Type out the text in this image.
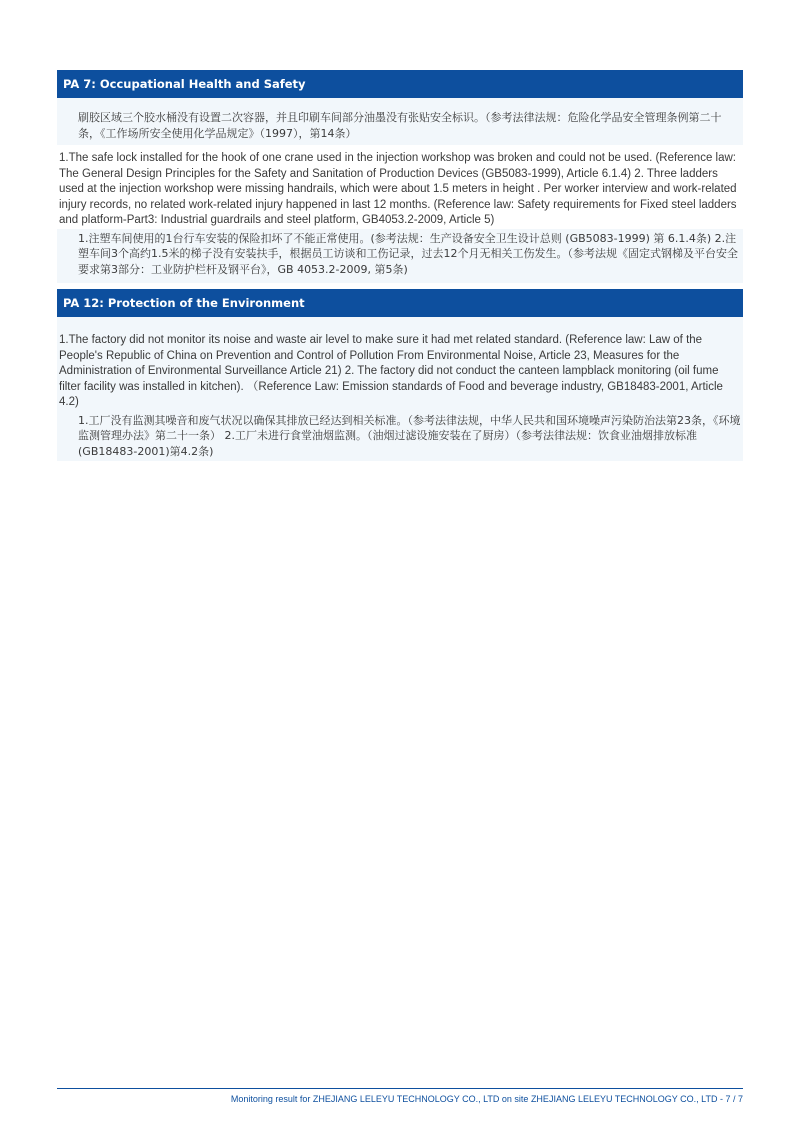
PA 7: Occupational Health and Safety
刷胶区域三个胶水桶没有设置二次容器，并且印刷车间部分油墨没有张贴安全标识。（参考法律法规：危险化学品安全管理条例第二十条，《工作场所安全使用化学品规定》（1997），第14条）
1.The safe lock installed for the hook of one crane used in the injection workshop was broken and could not be used. (Reference law: The General Design Principles for the Safety and Sanitation of Production Devices (GB5083-1999), Article 6.1.4) 2. Three ladders used at the injection workshop were missing handrails, which were about 1.5 meters in height . Per worker interview and work-related injury records, no related work-related injury happened in last 12 months. (Reference law: Safety requirements for Fixed steel ladders and platform-Part3: Industrial guardrails and steel platform, GB4053.2-2009, Article 5)
1.注塑车间使用的1台行车安装的保险扣坏了不能正常使用。(参考法规：生产设备安全卫生设计总则 (GB5083-1999) 第 6.1.4条) 2.注塑车间3个高约1.5米的梯子没有安装扶手，根据员工访谈和工伤记录，过去12个月无相关工伤发生。（参考法规《固定式钢梯及平台安全要求第3部分：工业防护栏杆及钢平台》，GB 4053.2-2009, 第5条)
PA 12: Protection of the Environment
1.The factory did not monitor its noise and waste air level to make sure it had met related standard. (Reference law: Law of the People's Republic of China on Prevention and Control of Pollution From Environmental Noise, Article 23, Measures for the Administration of Environmental Surveillance Article 21) 2. The factory did not conduct the canteen lampblack monitoring (oil fume filter facility was installed in kitchen). （Reference Law: Emission standards of Food and beverage industry, GB18483-2001, Article 4.2)
1.工厂没有监测其噪音和废气状况以确保其排放已经达到相关标准。（参考法律法规，中华人民共和国环境噪声污染防治法第23条，《环境监测管理办法》第二十一条） 2.工厂未进行食堂油烟监测。（油烟过滤设施安装在了厨房）（参考法律法规：饮食业油烟排放标准 (GB18483-2001)第4.2条)
Monitoring result for ZHEJIANG LELEYU TECHNOLOGY CO., LTD on site ZHEJIANG LELEYU TECHNOLOGY CO., LTD - 7 / 7
